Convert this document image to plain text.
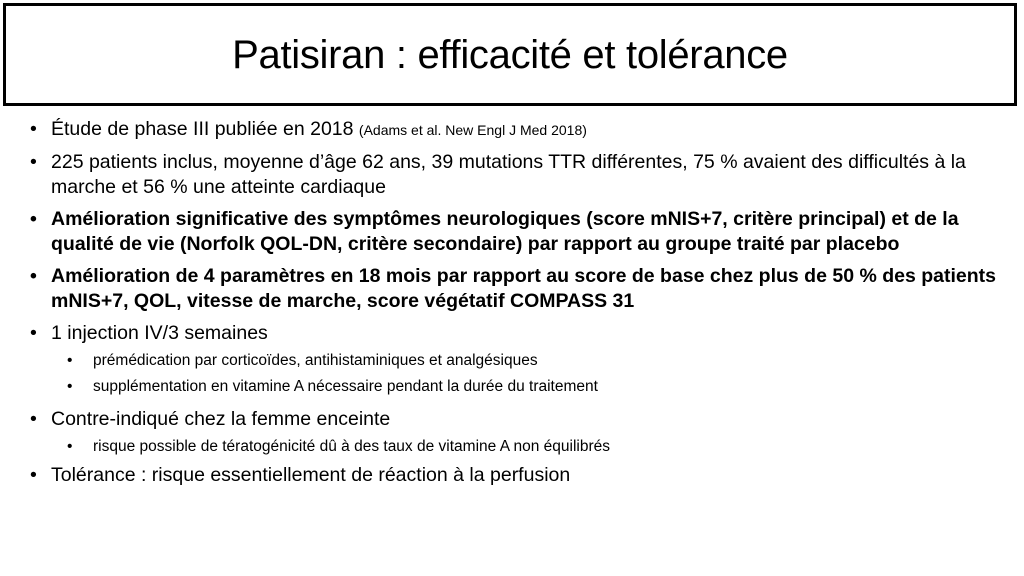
Patisiran : efficacité et tolérance
• Étude de phase III publiée en 2018 (Adams et al. New Engl J Med 2018)
• 225 patients inclus, moyenne d’âge 62 ans, 39 mutations TTR différentes, 75 % avaient des difficultés à la marche et 56 % une atteinte cardiaque
• Amélioration significative des symptômes neurologiques (score mNIS+7, critère principal) et de la qualité de vie (Norfolk QOL-DN, critère secondaire) par rapport au groupe traité par placebo
• Amélioration de 4 paramètres en 18 mois par rapport au score de base chez plus de 50 % des patients mNIS+7, QOL, vitesse de marche, score végétatif COMPASS 31
• 1 injection IV/3 semaines
• prémédication par corticoïdes, antihistaminiques et analgésiques
• supplémentation en vitamine A nécessaire pendant la durée du traitement
• Contre-indiqué chez la femme enceinte
• risque possible de tératogénicité dû à des taux de vitamine A non équilibrés
• Tolérance : risque essentiellement de réaction à la perfusion
